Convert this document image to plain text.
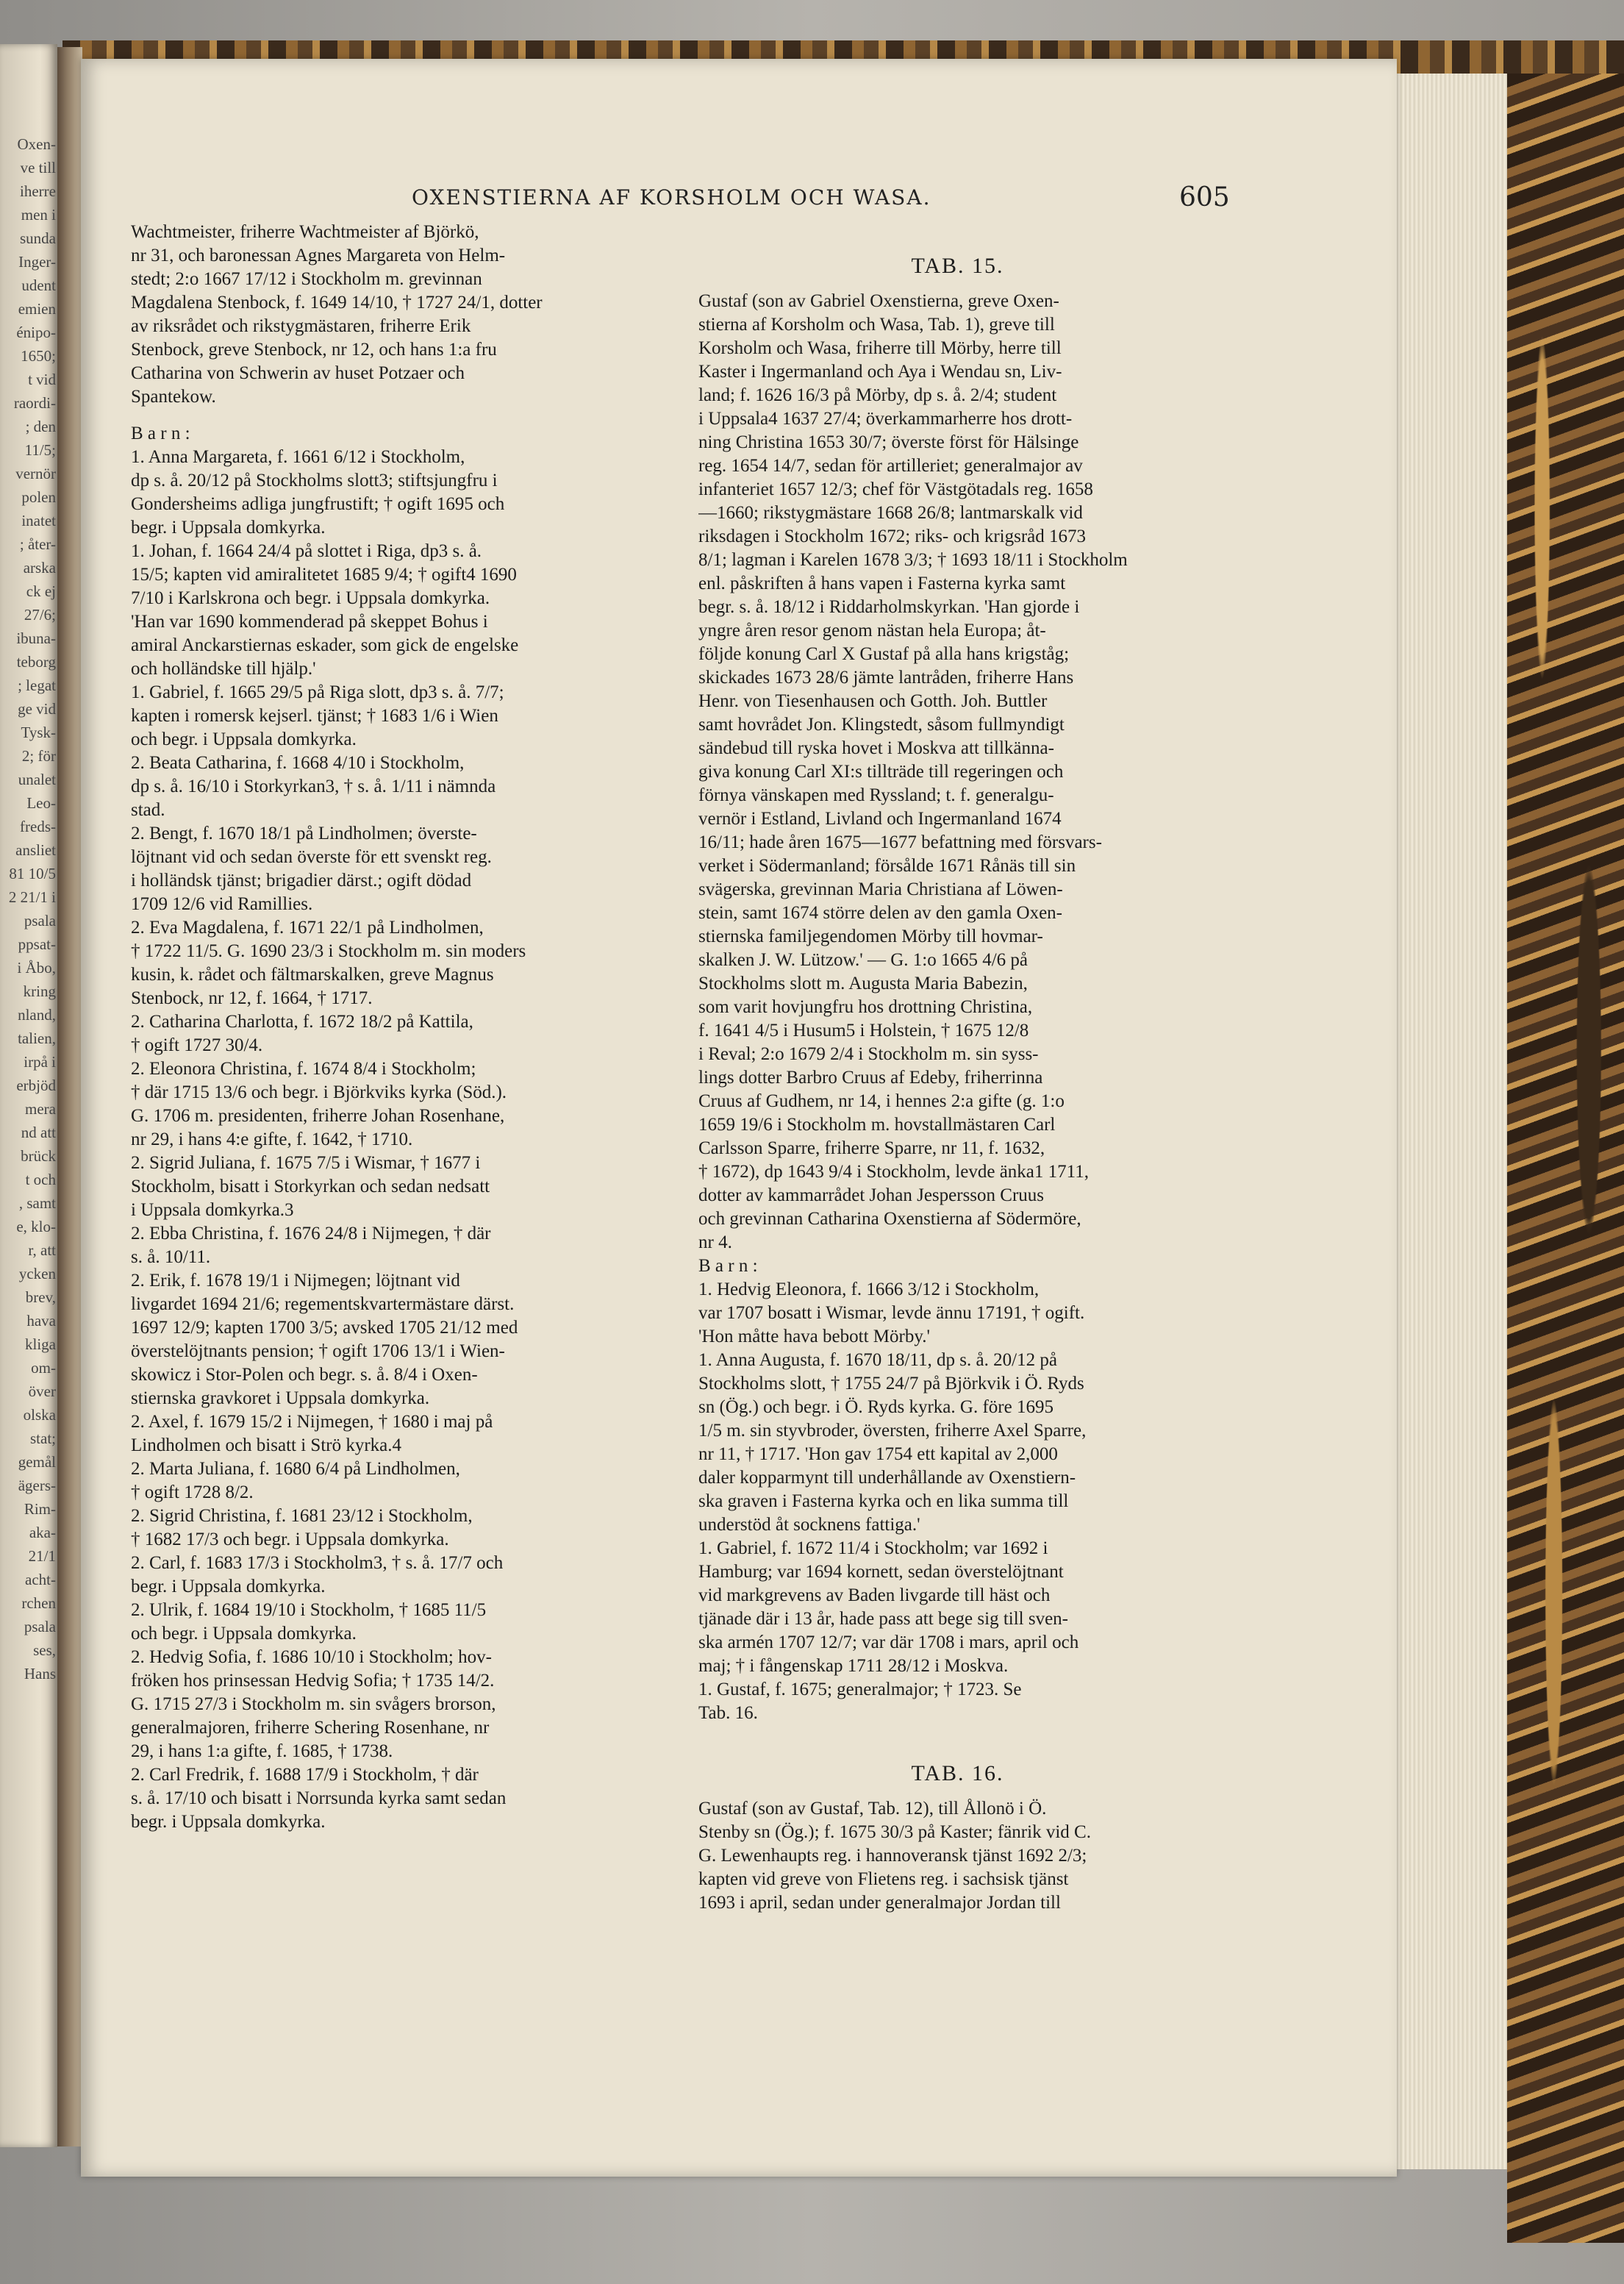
Oxen-
ve till
iherre
men i
sunda
Inger-
udent
emien
énipo-
1650;
t vid
raordi-
; den
11/5;
vernör
polen
inatet
; åter-
arska
ck ej
27/6;
ibuna-
teborg
; legat
ge vid
Tysk-
2; för
unalet
Leo-
freds-
ansliet
81 10/5
2 21/1 i
psala
ppsat-
i Åbo,
kring
nland,
talien,
irpå i
erbjöd
mera
nd att
brück
t och
, samt
e, klo-
r, att
ycken
brev,
hava
kliga
om-
över
olska
stat;
gemål
ägers-
Rim-
aka-
21/1
acht-
rchen
psala
ses,
Hans
OXENSTIERNA AF KORSHOLM OCH WASA.	605
Wachtmeister, friherre Wachtmeister af Björkö,
nr 31, och baronessan Agnes Margareta von Helm-
stedt; 2:o 1667 17/12 i Stockholm m. grevinnan
Magdalena Stenbock, f. 1649 14/10, † 1727 24/1, dotter
av riksrådet och rikstygmästaren, friherre Erik
Stenbock, greve Stenbock, nr 12, och hans 1:a fru
Catharina von Schwerin av huset Potzaer och
Spantekow.
B a r n :
1. Anna Margareta, f. 1661 6/12 i Stockholm,
dp s. å. 20/12 på Stockholms slott3; stiftsjungfru i
Gondersheims adliga jungfrustift; † ogift 1695 och
begr. i Uppsala domkyrka.
1. Johan, f. 1664 24/4 på slottet i Riga, dp3 s. å.
15/5; kapten vid amiralitetet 1685 9/4; † ogift4 1690
7/10 i Karlskrona och begr. i Uppsala domkyrka.
'Han var 1690 kommenderad på skeppet Bohus i
amiral Anckarstiernas eskader, som gick de engelske
och holländske till hjälp.'
1. Gabriel, f. 1665 29/5 på Riga slott, dp3 s. å. 7/7;
kapten i romersk kejserl. tjänst; † 1683 1/6 i Wien
och begr. i Uppsala domkyrka.
2. Beata Catharina, f. 1668 4/10 i Stockholm,
dp s. å. 16/10 i Storkyrkan3, † s. å. 1/11 i nämnda
stad.
2. Bengt, f. 1670 18/1 på Lindholmen; överste-
löjtnant vid och sedan överste för ett svenskt reg.
i holländsk tjänst; brigadier därst.; ogift dödad
1709 12/6 vid Ramillies.
2. Eva Magdalena, f. 1671 22/1 på Lindholmen,
† 1722 11/5. G. 1690 23/3 i Stockholm m. sin moders
kusin, k. rådet och fältmarskalken, greve Magnus
Stenbock, nr 12, f. 1664, † 1717.
2. Catharina Charlotta, f. 1672 18/2 på Kattila,
† ogift 1727 30/4.
2. Eleonora Christina, f. 1674 8/4 i Stockholm;
† där 1715 13/6 och begr. i Björkviks kyrka (Söd.).
G. 1706 m. presidenten, friherre Johan Rosenhane,
nr 29, i hans 4:e gifte, f. 1642, † 1710.
2. Sigrid Juliana, f. 1675 7/5 i Wismar, † 1677 i
Stockholm, bisatt i Storkyrkan och sedan nedsatt
i Uppsala domkyrka.3
2. Ebba Christina, f. 1676 24/8 i Nijmegen, † där
s. å. 10/11.
2. Erik, f. 1678 19/1 i Nijmegen; löjtnant vid
livgardet 1694 21/6; regementskvartermästare därst.
1697 12/9; kapten 1700 3/5; avsked 1705 21/12 med
överstelöjtnants pension; † ogift 1706 13/1 i Wien-
skowicz i Stor-Polen och begr. s. å. 8/4 i Oxen-
stiernska gravkoret i Uppsala domkyrka.
2. Axel, f. 1679 15/2 i Nijmegen, † 1680 i maj på
Lindholmen och bisatt i Strö kyrka.4
2. Marta Juliana, f. 1680 6/4 på Lindholmen,
† ogift 1728 8/2.
2. Sigrid Christina, f. 1681 23/12 i Stockholm,
† 1682 17/3 och begr. i Uppsala domkyrka.
2. Carl, f. 1683 17/3 i Stockholm3, † s. å. 17/7 och
begr. i Uppsala domkyrka.
2. Ulrik, f. 1684 19/10 i Stockholm, † 1685 11/5
och begr. i Uppsala domkyrka.
2. Hedvig Sofia, f. 1686 10/10 i Stockholm; hov-
fröken hos prinsessan Hedvig Sofia; † 1735 14/2.
G. 1715 27/3 i Stockholm m. sin svågers brorson,
generalmajoren, friherre Schering Rosenhane, nr
29, i hans 1:a gifte, f. 1685, † 1738.
2. Carl Fredrik, f. 1688 17/9 i Stockholm, † där
s. å. 17/10 och bisatt i Norrsunda kyrka samt sedan
begr. i Uppsala domkyrka.
TAB. 15.
Gustaf (son av Gabriel Oxenstierna, greve Oxen-
stierna af Korsholm och Wasa, Tab. 1), greve till
Korsholm och Wasa, friherre till Mörby, herre till
Kaster i Ingermanland och Aya i Wendau sn, Liv-
land; f. 1626 16/3 på Mörby, dp s. å. 2/4; student
i Uppsala4 1637 27/4; överkammarherre hos drott-
ning Christina 1653 30/7; överste först för Hälsinge
reg. 1654 14/7, sedan för artilleriet; generalmajor av
infanteriet 1657 12/3; chef för Västgötadals reg. 1658
—1660; rikstygmästare 1668 26/8; lantmarskalk vid
riksdagen i Stockholm 1672; riks- och krigsråd 1673
8/1; lagman i Karelen 1678 3/3; † 1693 18/11 i Stockholm
enl. påskriften å hans vapen i Fasterna kyrka samt
begr. s. å. 18/12 i Riddarholmskyrkan. 'Han gjorde i
yngre åren resor genom nästan hela Europa; åt-
följde konung Carl X Gustaf på alla hans krigståg;
skickades 1673 28/6 jämte lantråden, friherre Hans
Henr. von Tiesenhausen och Gotth. Joh. Buttler
samt hovrådet Jon. Klingstedt, såsom fullmyndigt
sändebud till ryska hovet i Moskva att tillkänna-
giva konung Carl XI:s tillträde till regeringen och
förnya vänskapen med Ryssland; t. f. generalgu-
vernör i Estland, Livland och Ingermanland 1674
16/11; hade åren 1675—1677 befattning med försvars-
verket i Södermanland; försålde 1671 Rånäs till sin
svägerska, grevinnan Maria Christiana af Löwen-
stein, samt 1674 större delen av den gamla Oxen-
stiernska familjegendomen Mörby till hovmar-
skalken J. W. Lützow.' — G. 1:o 1665 4/6 på
Stockholms slott m. Augusta Maria Babezin,
som varit hovjungfru hos drottning Christina,
f. 1641 4/5 i Husum5 i Holstein, † 1675 12/8
i Reval; 2:o 1679 2/4 i Stockholm m. sin syss-
lings dotter Barbro Cruus af Edeby, friherrinna
Cruus af Gudhem, nr 14, i hennes 2:a gifte (g. 1:o
1659 19/6 i Stockholm m. hovstallmästaren Carl
Carlsson Sparre, friherre Sparre, nr 11, f. 1632,
† 1672), dp 1643 9/4 i Stockholm, levde änka1 1711,
dotter av kammarrådet Johan Jespersson Cruus
och grevinnan Catharina Oxenstierna af Södermöre,
nr 4.
B a r n :
1. Hedvig Eleonora, f. 1666 3/12 i Stockholm,
var 1707 bosatt i Wismar, levde ännu 17191, † ogift.
'Hon måtte hava bebott Mörby.'
1. Anna Augusta, f. 1670 18/11, dp s. å. 20/12 på
Stockholms slott, † 1755 24/7 på Björkvik i Ö. Ryds
sn (Ög.) och begr. i Ö. Ryds kyrka. G. före 1695
1/5 m. sin styvbroder, översten, friherre Axel Sparre,
nr 11, † 1717. 'Hon gav 1754 ett kapital av 2,000
daler kopparmynt till underhållande av Oxenstiern-
ska graven i Fasterna kyrka och en lika summa till
understöd åt socknens fattiga.'
1. Gabriel, f. 1672 11/4 i Stockholm; var 1692 i
Hamburg; var 1694 kornett, sedan överstelöjtnant
vid markgrevens av Baden livgarde till häst och
tjänade där i 13 år, hade pass att bege sig till sven-
ska armén 1707 12/7; var där 1708 i mars, april och
maj; † i fångenskap 1711 28/12 i Moskva.
1. Gustaf, f. 1675; generalmajor; † 1723. Se
Tab. 16.
TAB. 16.
Gustaf (son av Gustaf, Tab. 12), till Ållonö i Ö.
Stenby sn (Ög.); f. 1675 30/3 på Kaster; fänrik vid C.
G. Lewenhaupts reg. i hannoveransk tjänst 1692 2/3;
kapten vid greve von Flietens reg. i sachsisk tjänst
1693 i april, sedan under generalmajor Jordan till
